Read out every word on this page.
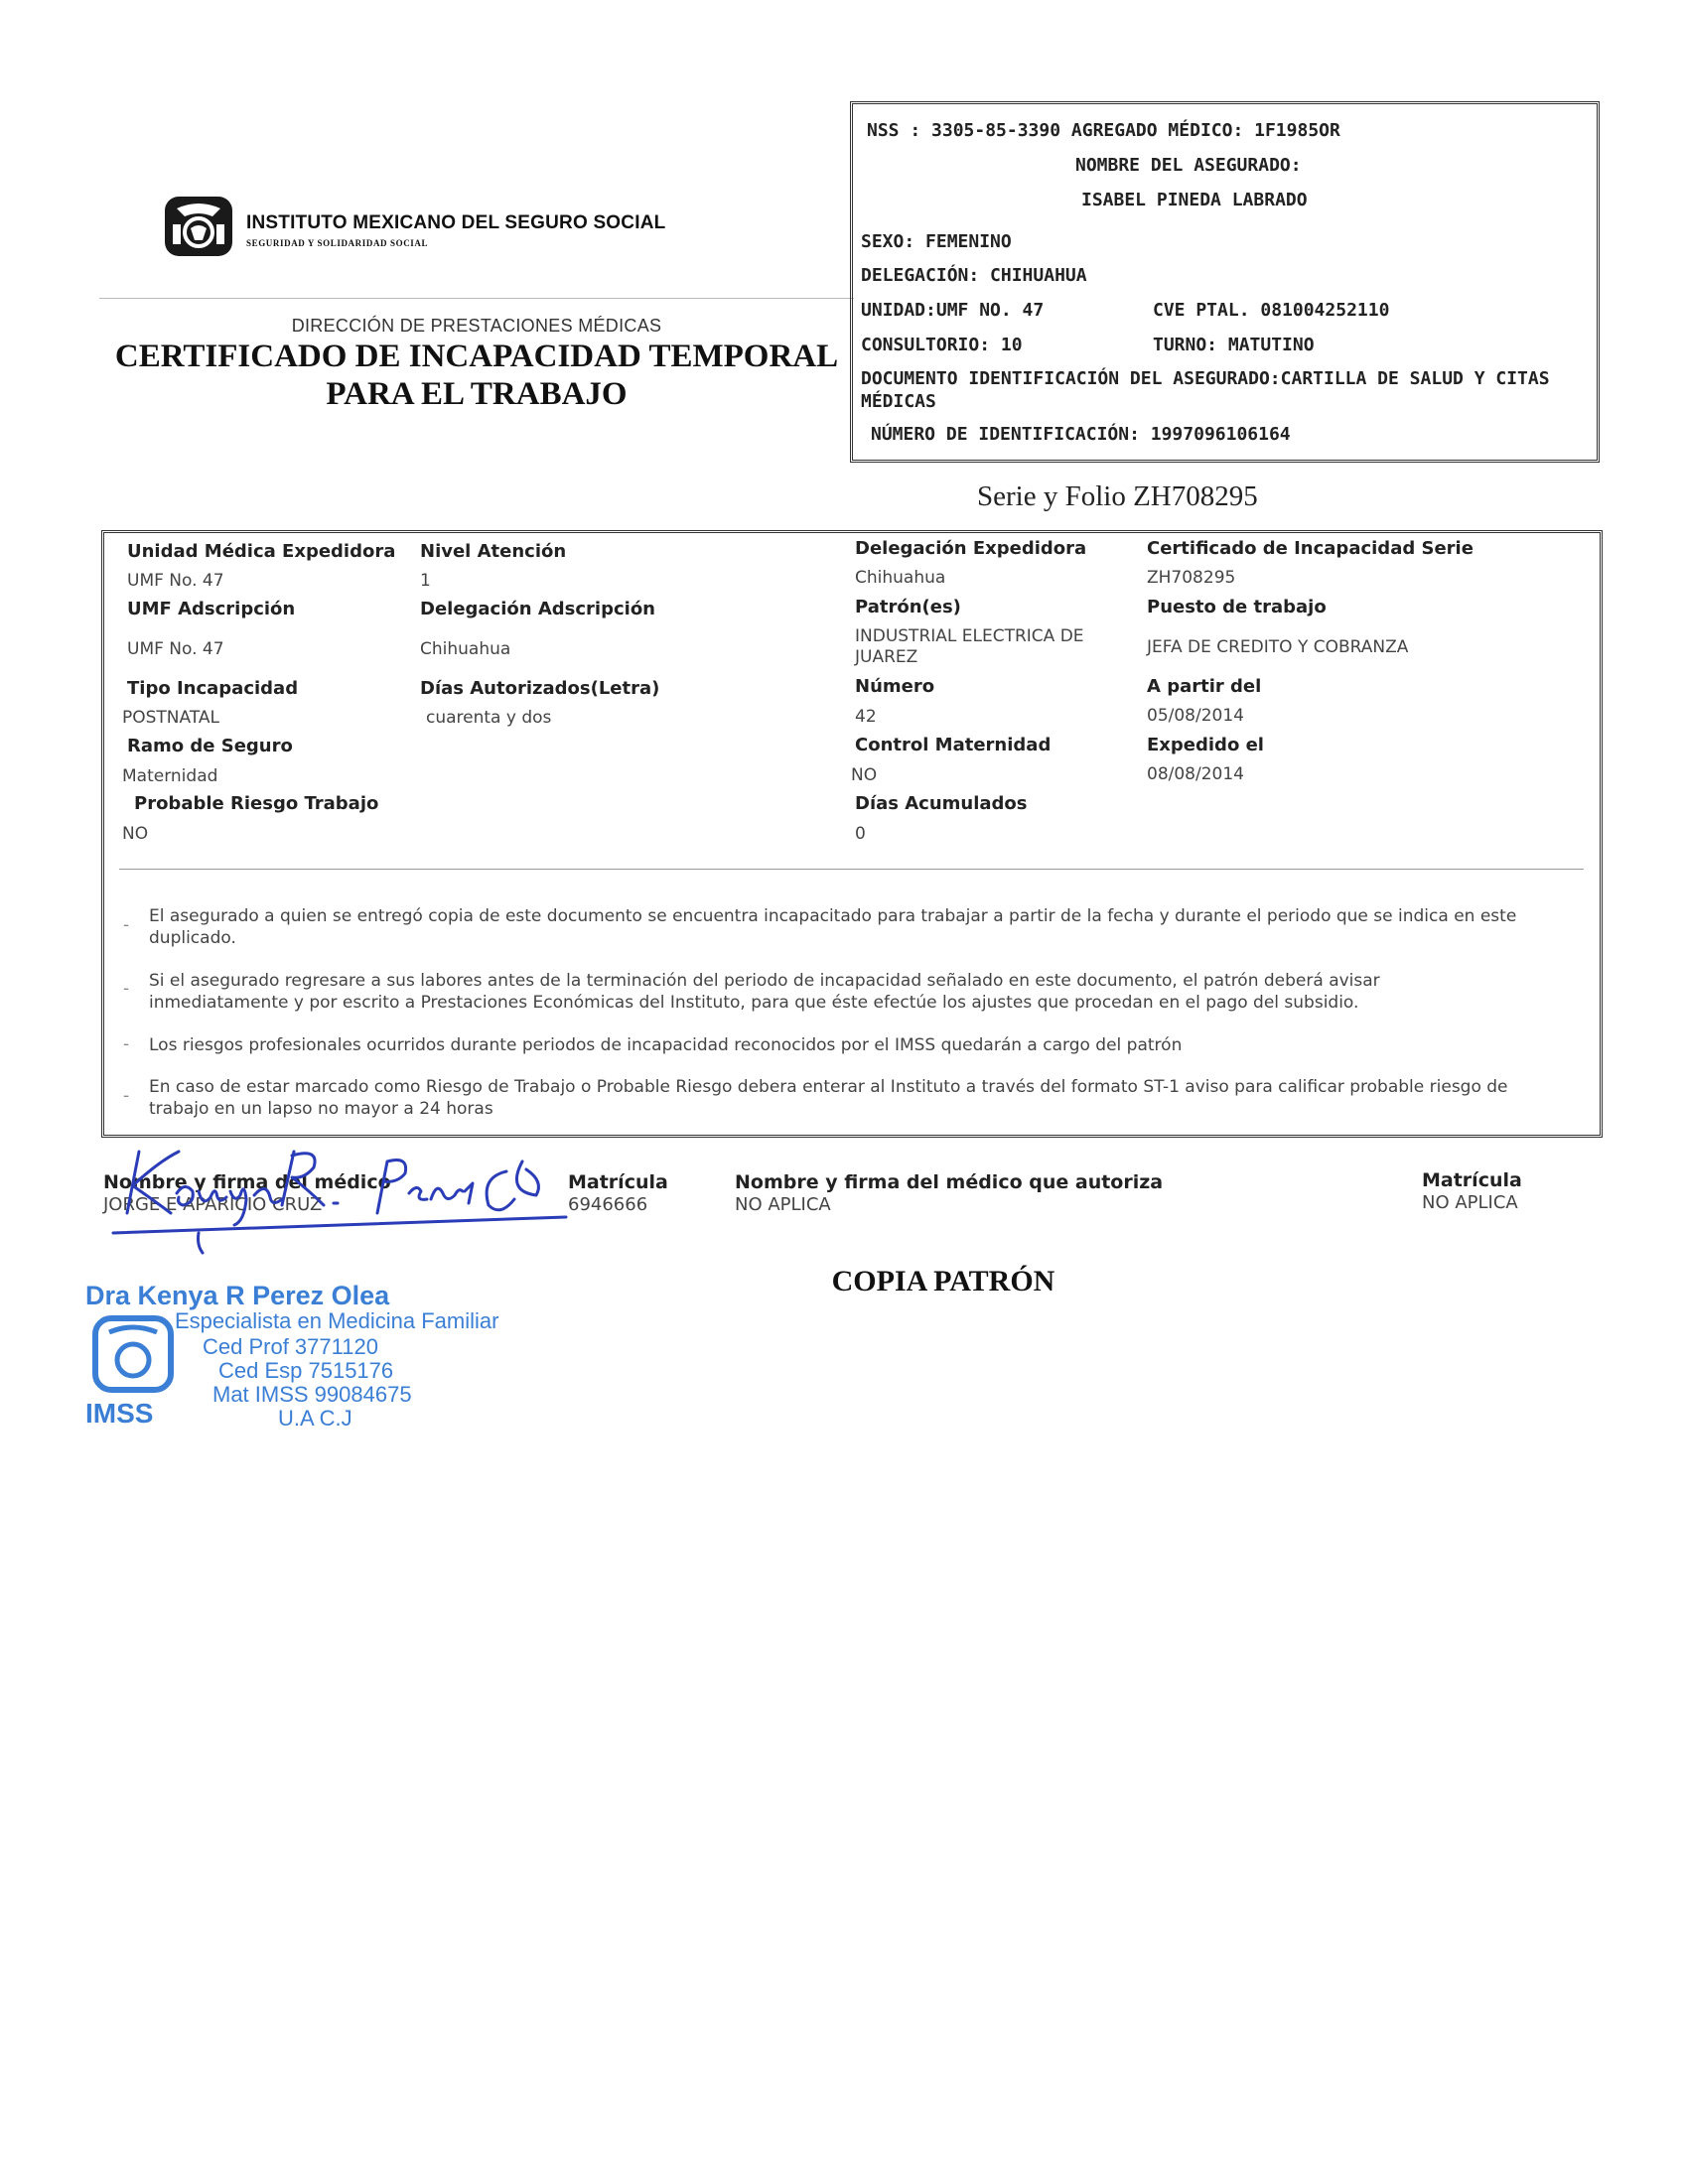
INSTITUTO MEXICANO DEL SEGURO SOCIAL
SEGURIDAD Y SOLIDARIDAD SOCIAL
DIRECCIÓN DE PRESTACIONES MÉDICAS
CERTIFICADO DE INCAPACIDAD TEMPORAL
PARA EL TRABAJO
NSS : 3305-85-3390 AGREGADO MÉDICO: 1F1985OR
NOMBRE DEL ASEGURADO:
ISABEL PINEDA LABRADO
SEXO: FEMENINO
DELEGACIÓN: CHIHUAHUA
UNIDAD:UMF NO. 47	CVE PTAL. 081004252110
CONSULTORIO: 10	TURNO: MATUTINO
DOCUMENTO IDENTIFICACIÓN DEL ASEGURADO:CARTILLA DE SALUD Y CITAS MÉDICAS
NÚMERO DE IDENTIFICACIÓN: 1997096106164
Serie y Folio ZH708295
Unidad Médica Expedidora
UMF No. 47
Nivel Atención
1
Delegación Expedidora
Chihuahua
Certificado de Incapacidad Serie
ZH708295
UMF Adscripción
UMF No. 47
Delegación Adscripción
Chihuahua
Patrón(es)
INDUSTRIAL ELECTRICA DE JUAREZ
Puesto de trabajo
JEFA DE CREDITO Y COBRANZA
Tipo Incapacidad
POSTNATAL
Días Autorizados(Letra)
cuarenta y dos
Número
42
A partir del
05/08/2014
Ramo de Seguro
Maternidad
Control Maternidad
NO
Expedido el
08/08/2014
Probable Riesgo Trabajo
NO
Días Acumulados
0
- El asegurado a quien se entregó copia de este documento se encuentra incapacitado para trabajar a partir de la fecha y durante el periodo que se indica en este duplicado.
- Si el asegurado regresare a sus labores antes de la terminación del periodo de incapacidad señalado en este documento, el patrón deberá avisar inmediatamente y por escrito a Prestaciones Económicas del Instituto, para que éste efectúe los ajustes que procedan en el pago del subsidio.
- Los riesgos profesionales ocurridos durante periodos de incapacidad reconocidos por el IMSS quedarán a cargo del patrón
- En caso de estar marcado como Riesgo de Trabajo o Probable Riesgo debera enterar al Instituto a través del formato ST-1 aviso para calificar probable riesgo de trabajo en un lapso no mayor a 24 horas
Nombre y firma del médico
JORGE E APARICIO CRUZ
Matrícula
6946666
Nombre y firma del médico que autoriza
NO APLICA
Matrícula
NO APLICA
COPIA PATRÓN
Dra Kenya R Perez Olea
Especialista en Medicina Familiar
Ced Prof 3771120
Ced Esp 7515176
Mat IMSS 99084675
U.A C.J
IMSS
